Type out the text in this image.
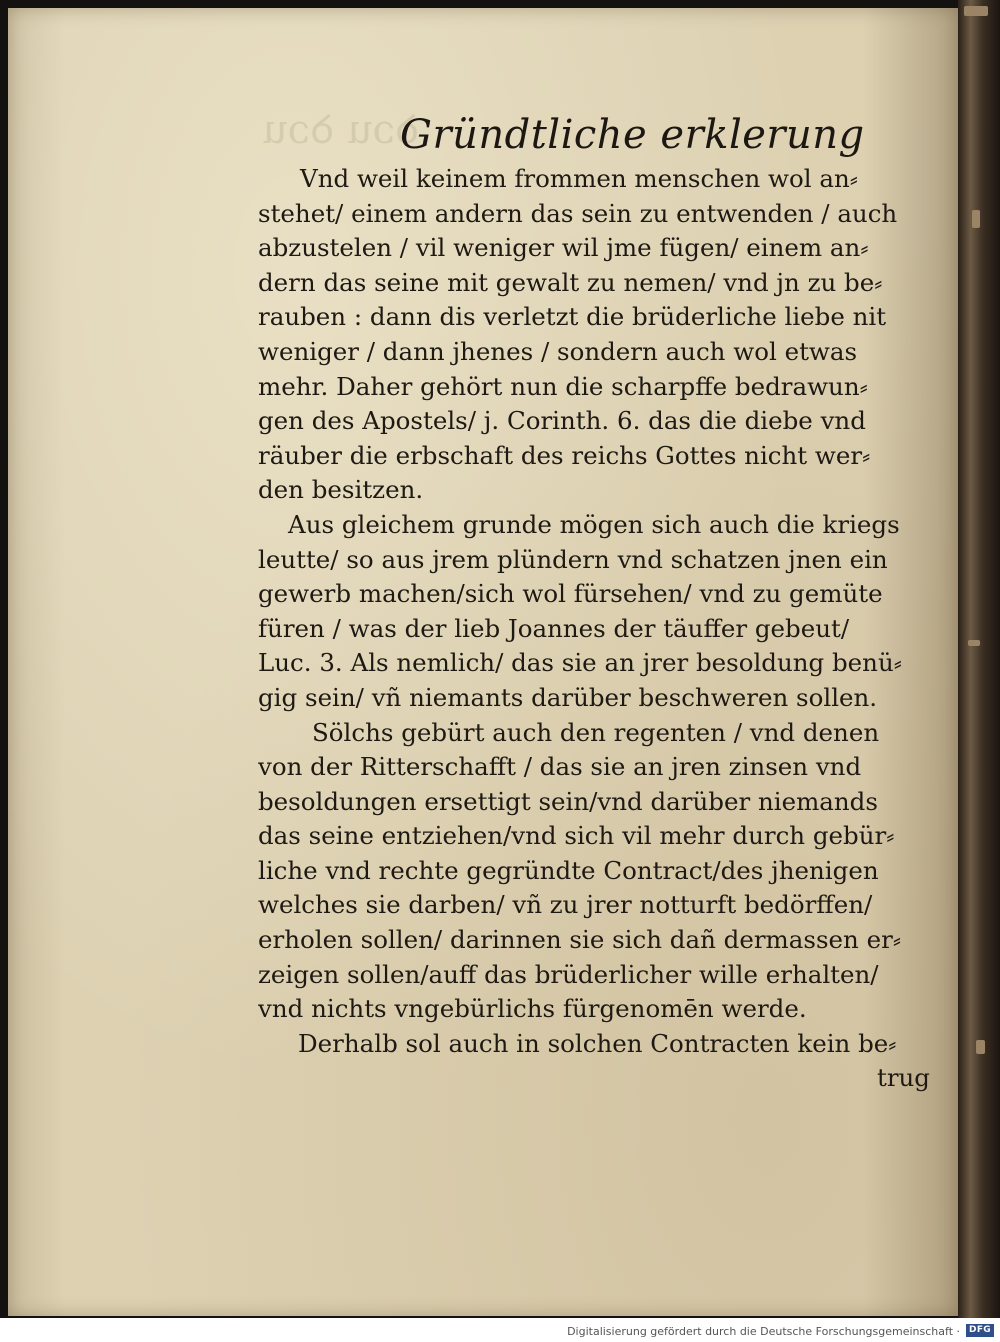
ꝺɔu ꝺɔu
Gründtliche erklerung
Vnd weil keinem frommen menschen wol an⸗
stehet/ einem andern das sein zu entwenden / auch
abzustelen / vil weniger wil jme fügen/ einem an⸗
dern das seine mit gewalt zu nemen/ vnd jn zu be⸗
rauben : dann dis verletzt die brüderliche liebe nit
weniger / dann jhenes / sondern auch wol etwas
mehr. Daher gehört nun die scharpffe bedrawun⸗
gen des Apostels/ j. Corinth. 6. das die diebe vnd
räuber die erbschaft des reichs Gottes nicht wer⸗
den besitzen.
Aus gleichem grunde mögen sich auch die kriegs
leutte/ so aus jrem plündern vnd schatzen jnen ein
gewerb machen/sich wol fürsehen/ vnd zu gemüte
füren / was der lieb Joannes der täuffer gebeut/
Luc. 3. Als nemlich/ das sie an jrer besoldung benü⸗
gig sein/ vñ niemants darüber beschweren sollen.
Sölchs gebürt auch den regenten / vnd denen
von der Ritterschafft / das sie an jren zinsen vnd
besoldungen ersettigt sein/vnd darüber niemands
das seine entziehen/vnd sich vil mehr durch gebür⸗
liche vnd rechte gegründte Contract/des jhenigen
welches sie darben/ vñ zu jrer notturft bedörffen/
erholen sollen/ darinnen sie sich dañ dermassen er⸗
zeigen sollen/auff das brüderlicher wille erhalten/
vnd nichts vngebürlichs fürgenomēn werde.
Derhalb sol auch in solchen Contracten kein be⸗
trug
Digitalisierung gefördert durch die Deutsche Forschungsgemeinschaft ·	DFG
